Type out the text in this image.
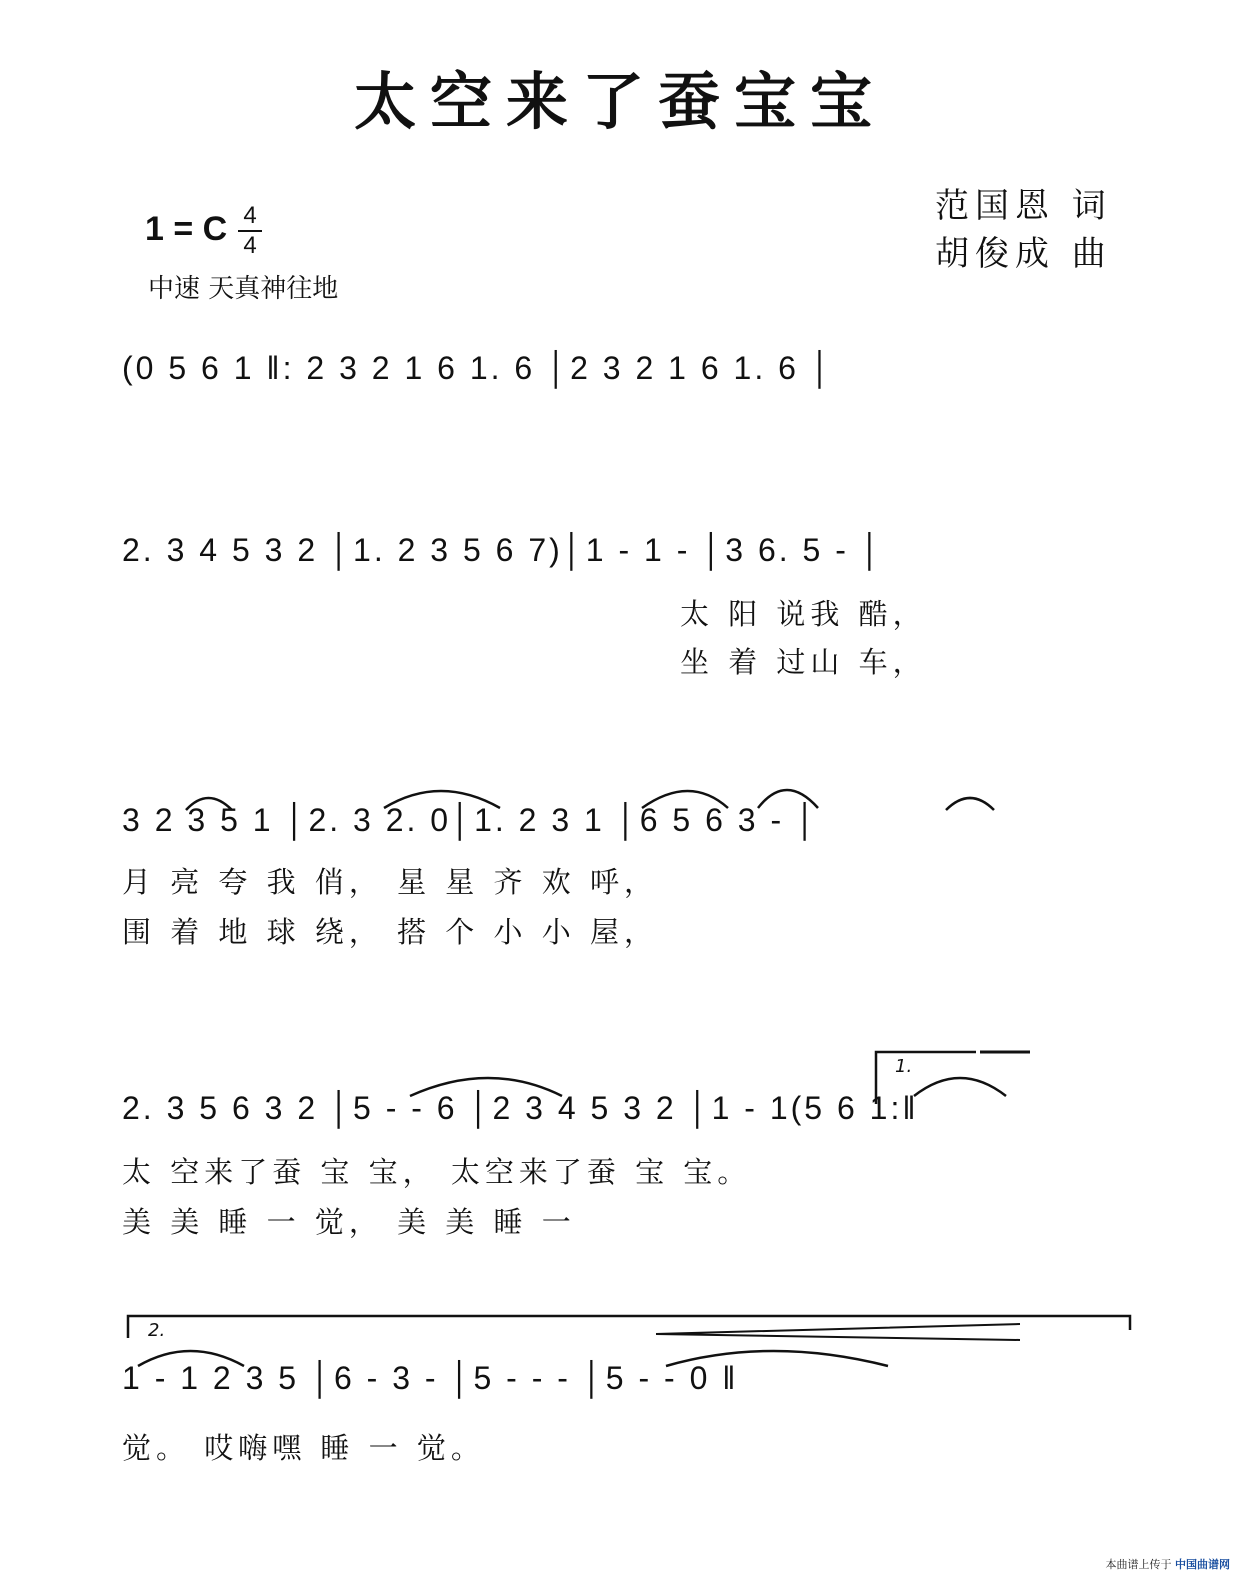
太空来了蚕宝宝
范国恩 词
胡俊成 曲
1 = C 4
4
中速 天真神往地
(0 5 6 1 ‖: 2 3 2 1 6 1. 6 │2 3 2 1 6 1. 6 │
2. 3 4 5 3 2 │1. 2 3 5 6 7)│1 - 1 - │3 6. 5 - │
太 阳 说我 酷，
坐 着 过山 车，
3 2 3 5 1 │2. 3 2. 0│1. 2 3 1 │6 5 6 3 - │
月 亮 夸 我 俏， 星 星 齐 欢 呼，
围 着 地 球 绕， 搭 个 小 小 屋，
1.
2. 3 5 6 3 2 │5 - - 6 │2 3 4 5 3 2 │1 - 1(5 6 1:‖
太 空来了蚕 宝 宝， 太空来了蚕 宝 宝。
美 美 睡 一 觉， 美 美 睡 一
2.
1 - 1 2 3 5 │6 - 3 - │5 - - - │5 - - 0 ‖
觉。 哎嗨嘿 睡 一 觉。
本曲谱上传于 中国曲谱网
